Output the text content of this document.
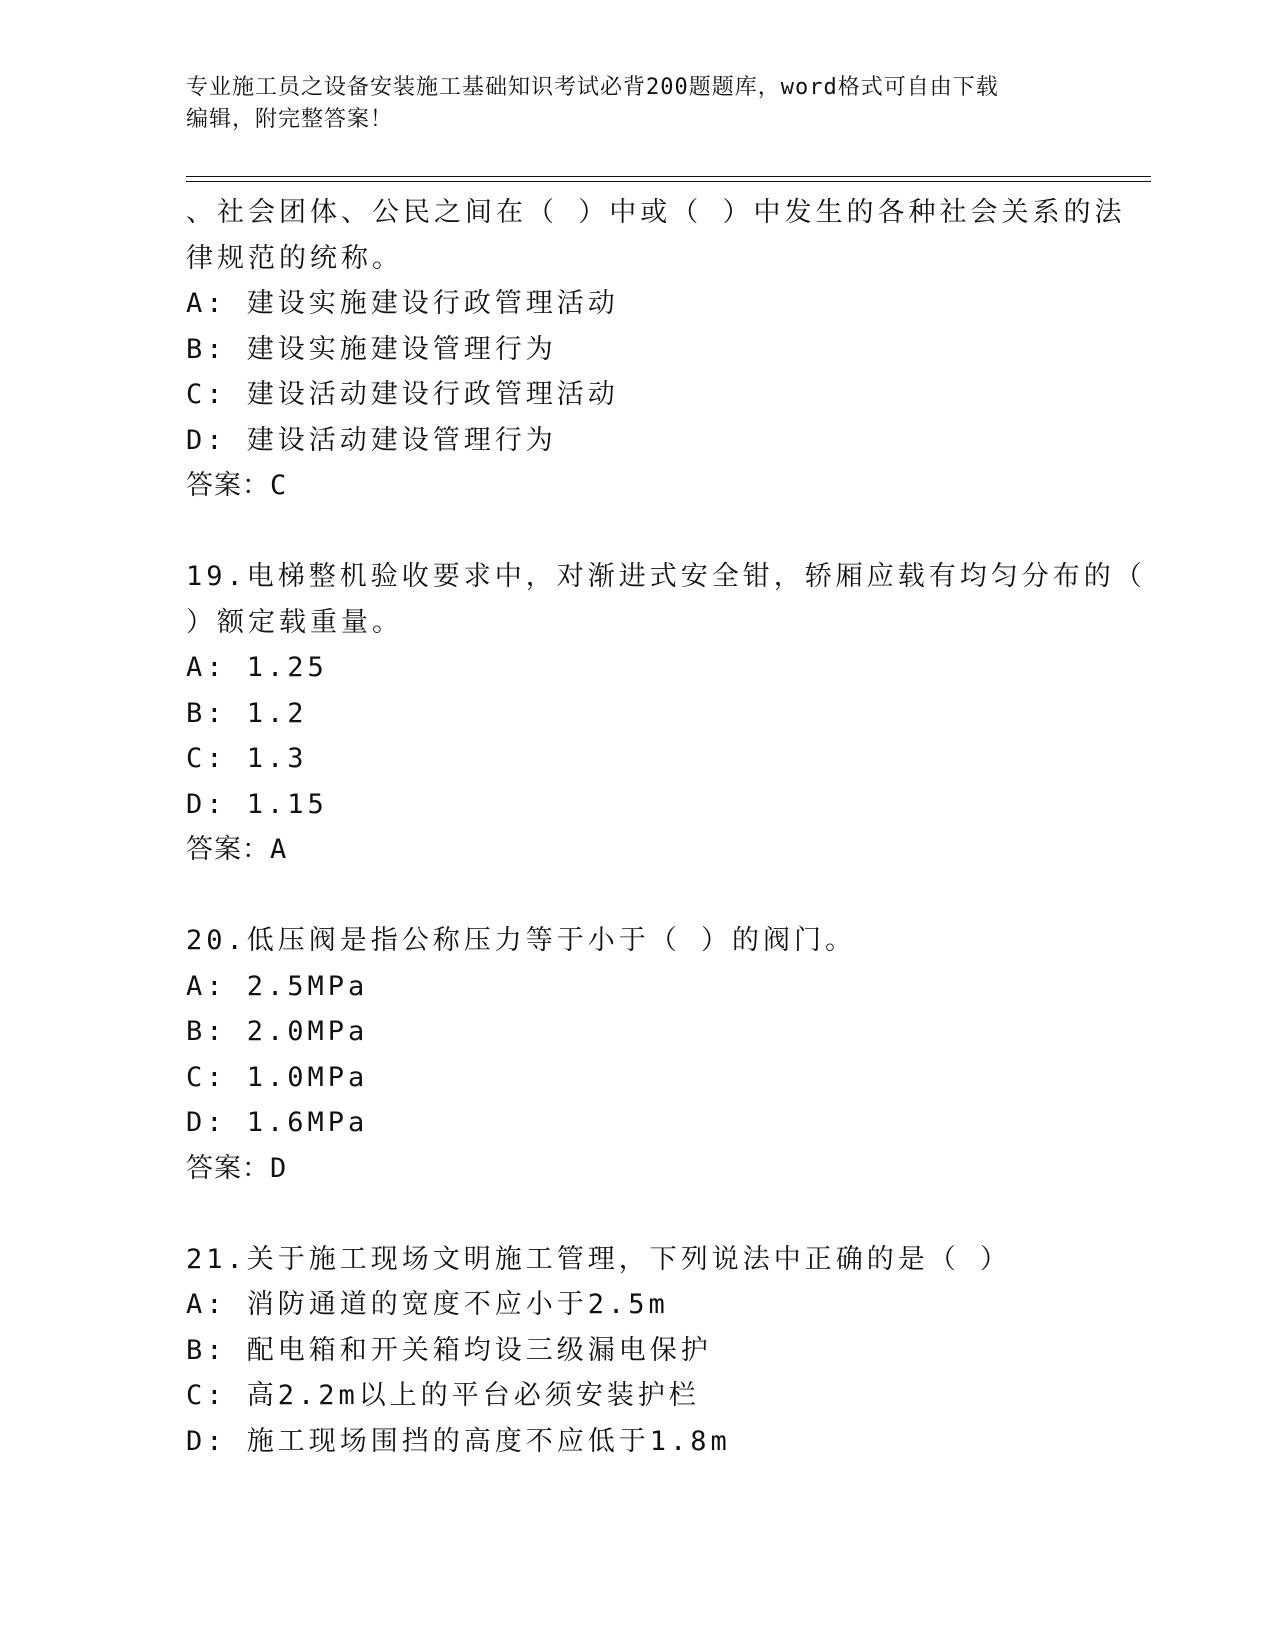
专业施工员之设备安装施工基础知识考试必背200题题库，word格式可自由下载
编辑，附完整答案！
、社会团体、公民之间在（ ）中或（ ）中发生的各种社会关系的法
律规范的统称。
A: 建设实施建设行政管理活动
B: 建设实施建设管理行为
C: 建设活动建设行政管理活动
D: 建设活动建设管理行为
答案：C
19.电梯整机验收要求中，对渐进式安全钳，轿厢应载有均匀分布的（
）额定载重量。
A: 1.25
B: 1.2
C: 1.3
D: 1.15
答案：A
20.低压阀是指公称压力等于小于（ ）的阀门。
A: 2.5MPa
B: 2.0MPa
C: 1.0MPa
D: 1.6MPa
答案：D
21.关于施工现场文明施工管理，下列说法中正确的是（ ）
A: 消防通道的宽度不应小于2.5m
B: 配电箱和开关箱均设三级漏电保护
C: 高2.2m以上的平台必须安装护栏
D: 施工现场围挡的高度不应低于1.8m
